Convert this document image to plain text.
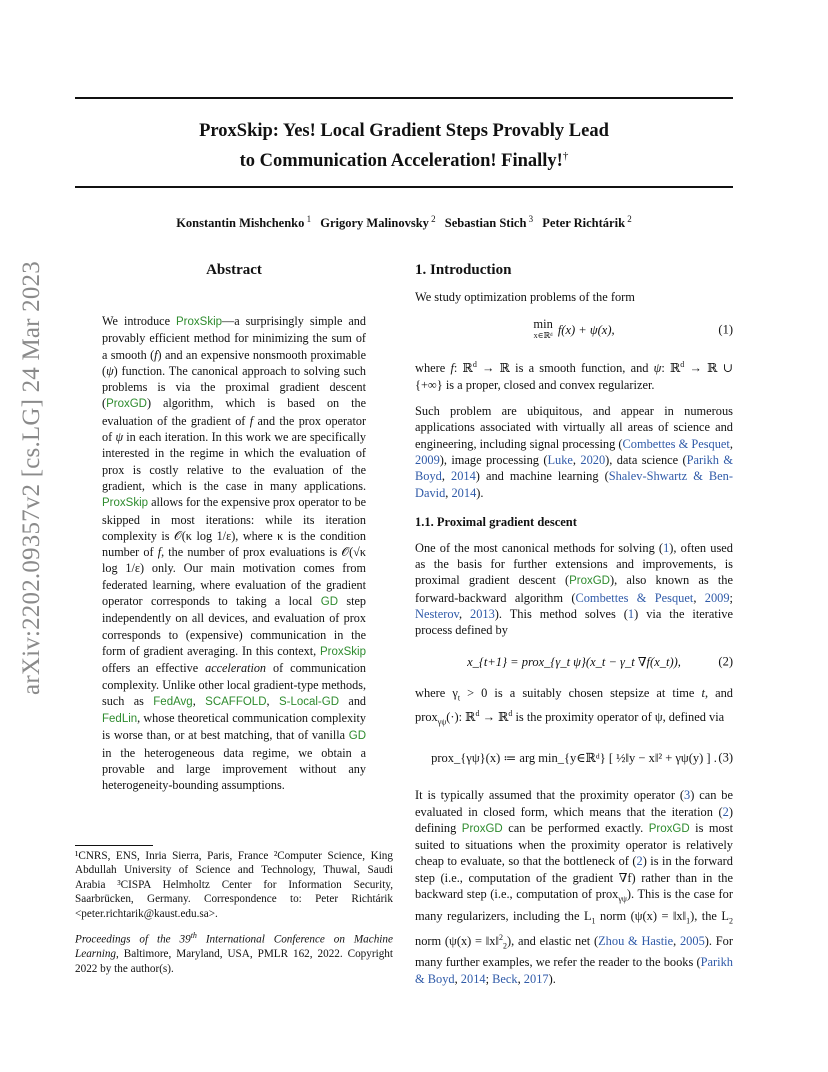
arXiv:2202.09357v2 [cs.LG] 24 Mar 2023
ProxSkip: Yes! Local Gradient Steps Provably Lead
to Communication Acceleration! Finally!†
Konstantin Mishchenko $^1$ Grigory Malinovsky $^2$ Sebastian Stich $^3$ Peter Richtárik $^2$
Abstract
We introduce ProxSkip—a surprisingly simple and provably efficient method for minimizing the sum of a smooth (f) and an expensive nonsmooth proximable (ψ) function. The canonical approach to solving such problems is via the proximal gradient descent (ProxGD) algorithm, which is based on the evaluation of the gradient of f and the prox operator of ψ in each iteration. In this work we are specifically interested in the regime in which the evaluation of prox is costly relative to the evaluation of the gradient, which is the case in many applications. ProxSkip allows for the expensive prox operator to be skipped in most iterations: while its iteration complexity is 𝒪(κ log 1/ε), where κ is the condition number of f, the number of prox evaluations is 𝒪(√κ log 1/ε) only. Our main motivation comes from federated learning, where evaluation of the gradient operator corresponds to taking a local GD step independently on all devices, and evaluation of prox corresponds to (expensive) communication in the form of gradient averaging. In this context, ProxSkip offers an effective acceleration of communication complexity. Unlike other local gradient-type methods, such as FedAvg, SCAFFOLD, S-Local-GD and FedLin, whose theoretical communication complexity is worse than, or at best matching, that of vanilla GD in the heterogeneous data regime, we obtain a provable and large improvement without any heterogeneity-bounding assumptions.
¹CNRS, ENS, Inria Sierra, Paris, France ²Computer Science, King Abdullah University of Science and Technology, Thuwal, Saudi Arabia ³CISPA Helmholtz Center for Information Security, Saarbrücken, Germany. Correspondence to: Peter Richtárik <peter.richtarik@kaust.edu.sa>.
Proceedings of the 39th International Conference on Machine Learning, Baltimore, Maryland, USA, PMLR 162, 2022. Copyright 2022 by the author(s).
1. Introduction

We study optimization problems of the form

min
x∈ℝᵈ f(x) + ψ(x),	(1)

where f: ℝ$^d$ → ℝ is a smooth function, and ψ: ℝ$^d$ → ℝ ∪ {+∞} is a proper, closed and convex regularizer.

Such problem are ubiquitous, and appear in numerous applications associated with virtually all areas of science and engineering, including signal processing (Combettes & Pesquet, 2009), image processing (Luke, 2020), data science (Parikh & Boyd, 2014) and machine learning (Shalev-Shwartz & Ben-David, 2014).

1.1. Proximal gradient descent

One of the most canonical methods for solving (1), often used as the basis for further extensions and improvements, is proximal gradient descent (ProxGD), also known as the forward-backward algorithm (Combettes & Pesquet, 2009; Nesterov, 2013). This method solves (1) via the iterative process defined by

x_{t+1} = prox_{γ_t ψ}(x_t − γ_t ∇f(x_t)),	(2)

where $\gamma_t > 0$ is a suitably chosen stepsize at time t, and prox$_{\gamma\psi}$(·): ℝ$^d$ → ℝ$^d$ is the proximity operator of ψ, defined via

prox_{γψ}(x) ≔ arg min_{y∈ℝᵈ} [ ½‖y − x‖² + γψ(y) ] . (3)

It is typically assumed that the proximity operator (3) can be evaluated in closed form, which means that the iteration (2) defining ProxGD can be performed exactly. ProxGD is most suited to situations when the proximity operator is relatively cheap to evaluate, so that the bottleneck of (2) is in the forward step (i.e., computation of the gradient ∇f) rather than in the backward step (i.e., computation of prox$_{\gamma\psi}$). This is the case for many regularizers, including the $L_1$ norm $(\psi(x) = ‖x‖_1)$, the $L_2$ norm (ψ(x) = ‖x‖$^2_2$), and elastic net (Zhou & Hastie, 2005). For many further examples, we refer the reader to the books (Parikh & Boyd, 2014; Beck, 2017).
